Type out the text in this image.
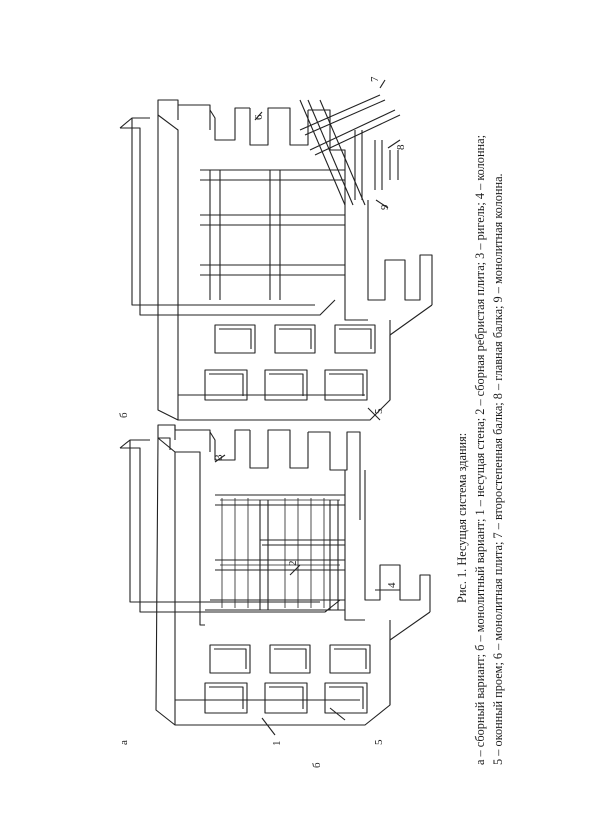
а
б
б
1
2
3
4
5
5
6
7
8
9
Рис. 1. Несущая система здания: а – сборный вариант; б – монолитный вариант; 1 – несущая стена; 2 – сборная ребристая плита; 3 – ригель; 4 – колонна; 5 – оконный проем; 6 – монолитная плита; 7 – второстепенная балка; 8 – главная балка; 9 – монолитная колонна.
